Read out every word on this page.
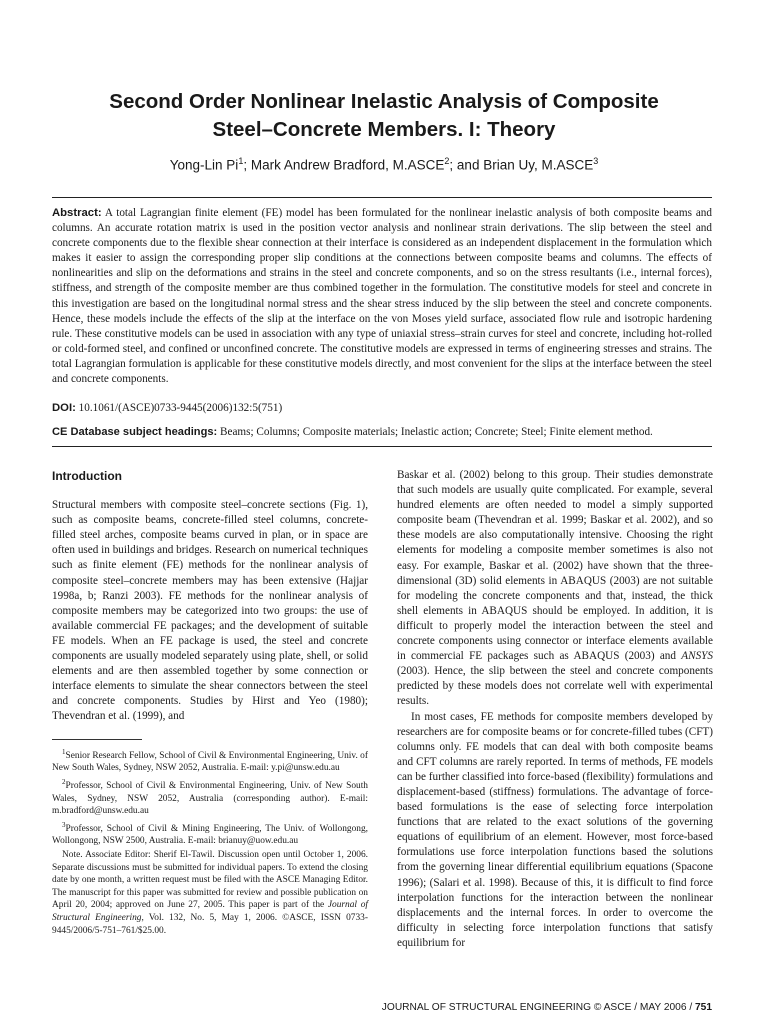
Second Order Nonlinear Inelastic Analysis of Composite
Steel–Concrete Members. I: Theory
Yong-Lin Pi$^1$; Mark Andrew Bradford, M.ASCE$^2$; and Brian Uy, M.ASCE$^3$
Abstract: A total Lagrangian finite element (FE) model has been formulated for the nonlinear inelastic analysis of both composite beams and columns. An accurate rotation matrix is used in the position vector analysis and nonlinear strain derivations. The slip between the steel and concrete components due to the flexible shear connection at their interface is considered as an independent displacement in the formulation which makes it easier to assign the corresponding proper slip conditions at the connections between composite beams and columns. The effects of nonlinearities and slip on the deformations and strains in the steel and concrete components, and so on the stress resultants (i.e., internal forces), stiffness, and strength of the composite member are thus combined together in the formulation. The constitutive models for steel and concrete in this investigation are based on the longitudinal normal stress and the shear stress induced by the slip between the steel and concrete components. Hence, these models include the effects of the slip at the interface on the von Moses yield surface, associated flow rule and isotropic hardening rule. These constitutive models can be used in association with any type of uniaxial stress–strain curves for steel and concrete, including hot-rolled or cold-formed steel, and confined or unconfined concrete. The constitutive models are expressed in terms of engineering stresses and strains. The total Lagrangian formulation is applicable for these constitutive models directly, and most convenient for the slips at the interface between the steel and concrete components.
DOI: 10.1061/(ASCE)0733-9445(2006)132:5(751)
CE Database subject headings: Beams; Columns; Composite materials; Inelastic action; Concrete; Steel; Finite element method.
Introduction

Structural members with composite steel–concrete sections (Fig. 1), such as composite beams, concrete-filled steel columns, concrete-filled steel arches, composite beams curved in plan, or in space are often used in buildings and bridges. Research on numerical techniques such as finite element (FE) methods for the nonlinear analysis of composite steel–concrete members may has been extensive (Hajjar 1998a, b; Ranzi 2003). FE methods for the nonlinear analysis of composite members may be categorized into two groups: the use of available commercial FE packages; and the development of suitable FE models. When an FE package is used, the steel and concrete components are usually modeled separately using plate, shell, or solid elements and are then assembled together by some connection or interface elements to simulate the shear connectors between the steel and concrete components. Studies by Hirst and Yeo (1980); Thevendran et al. (1999), and

$^1$Senior Research Fellow, School of Civil & Environmental Engineering, Univ. of New South Wales, Sydney, NSW 2052, Australia. E-mail: y.pi@unsw.edu.au

$^2$Professor, School of Civil & Environmental Engineering, Univ. of New South Wales, Sydney, NSW 2052, Australia (corresponding author). E-mail: m.bradford@unsw.edu.au

$^3$Professor, School of Civil & Mining Engineering, The Univ. of Wollongong, Wollongong, NSW 2500, Australia. E-mail: brianuy@uow.edu.au

Note. Associate Editor: Sherif El-Tawil. Discussion open until October 1, 2006. Separate discussions must be submitted for individual papers. To extend the closing date by one month, a written request must be filed with the ASCE Managing Editor. The manuscript for this paper was submitted for review and possible publication on April 20, 2004; approved on June 27, 2005. This paper is part of the Journal of Structural Engineering, Vol. 132, No. 5, May 1, 2006. ©ASCE, ISSN 0733-9445/2006/5-751–761/$25.00.

Baskar et al. (2002) belong to this group. Their studies demonstrate that such models are usually quite complicated. For example, several hundred elements are often needed to model a simply supported composite beam (Thevendran et al. 1999; Baskar et al. 2002), and so these models are also computationally intensive. Choosing the right elements for modeling a composite member sometimes is also not easy. For example, Baskar et al. (2002) have shown that the three-dimensional (3D) solid elements in ABAQUS (2003) are not suitable for modeling the concrete components and that, instead, the thick shell elements in ABAQUS should be employed. In addition, it is difficult to properly model the interaction between the steel and concrete components using connector or interface elements available in commercial FE packages such as ABAQUS (2003) and ANSYS (2003). Hence, the slip between the steel and concrete components predicted by these models does not correlate well with experimental results.

In most cases, FE methods for composite members developed by researchers are for composite beams or for concrete-filled tubes (CFT) columns only. FE models that can deal with both composite beams and CFT columns are rarely reported. In terms of methods, FE models can be further classified into force-based (flexibility) formulations and displacement-based (stiffness) formulations. The advantage of force-based formulations is the ease of selecting force interpolation functions that are related to the exact solutions of the governing equations of equilibrium of an element. However, most force-based formulations use force interpolation functions based the solutions from the governing linear differential equilibrium equations (Spacone 1996); (Salari et al. 1998). Because of this, it is difficult to find force interpolation functions for the interaction between the nonlinear displacements and the internal forces. In order to overcome the difficulty in selecting force interpolation functions that satisfy equilibrium for

JOURNAL OF STRUCTURAL ENGINEERING © ASCE / MAY 2006 / 751
